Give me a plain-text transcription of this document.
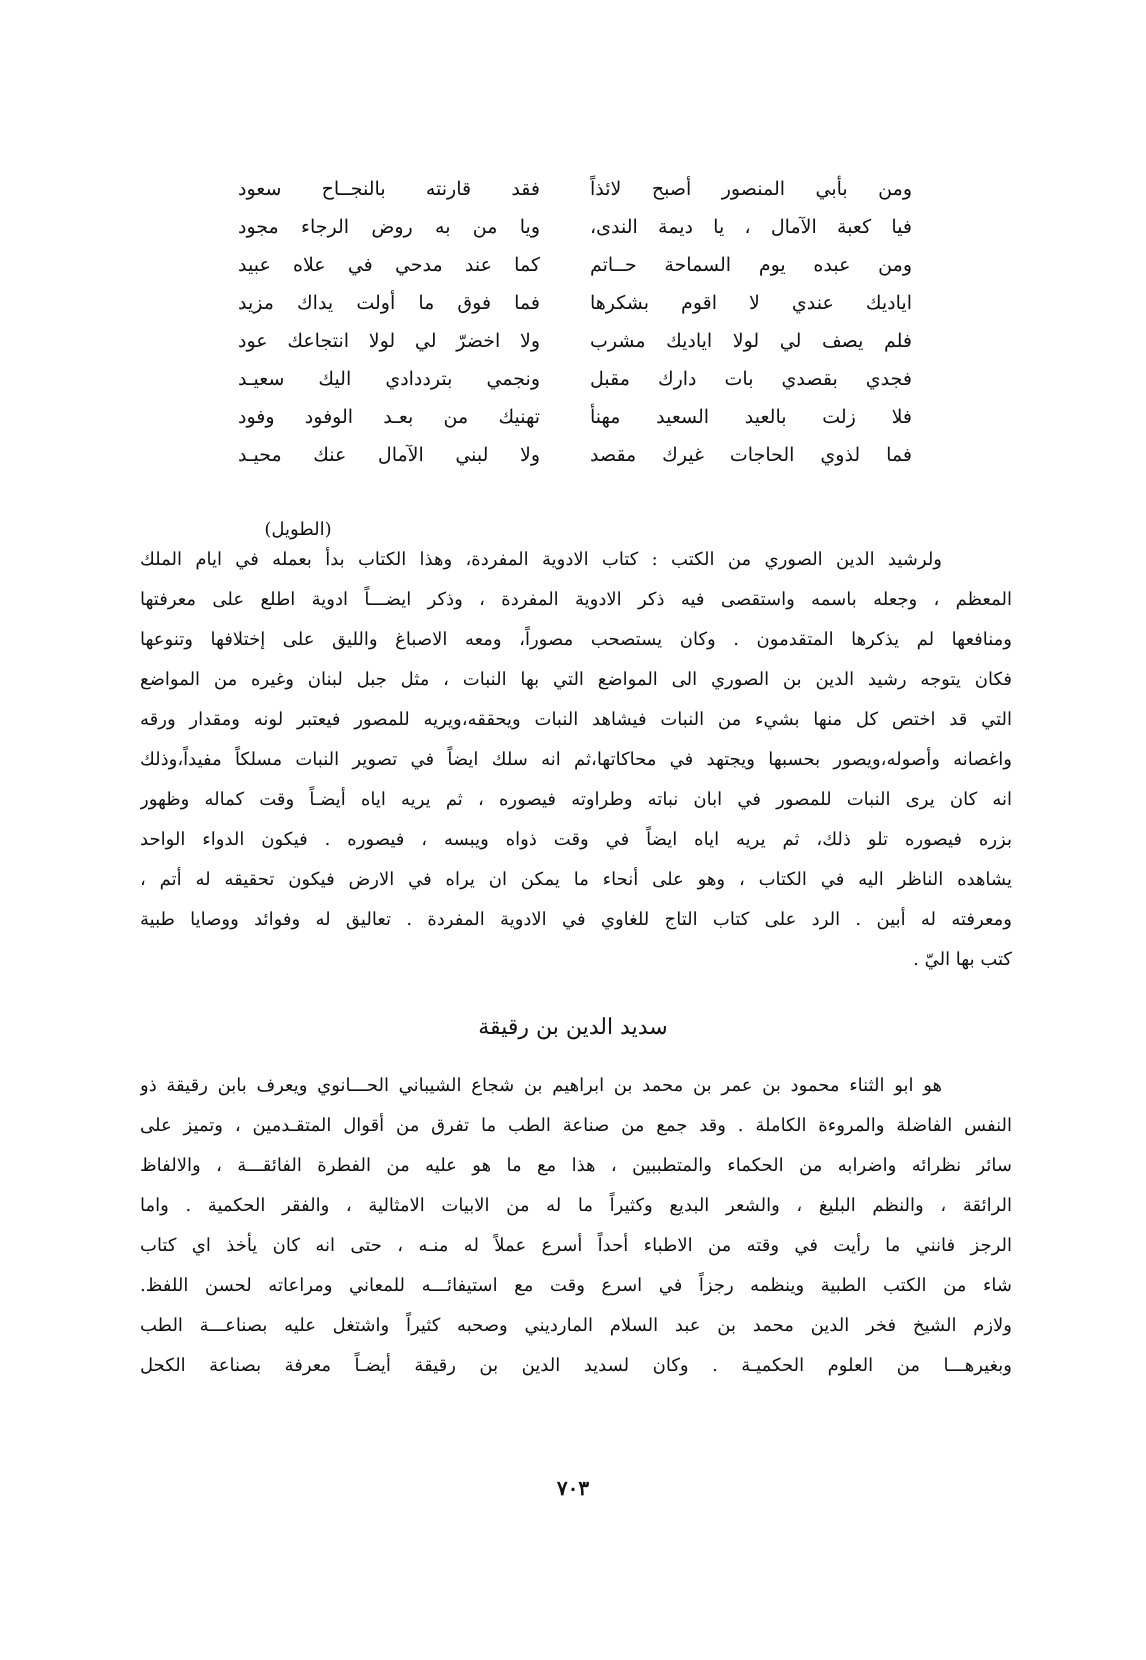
ومن بأبي المنصور أصبح لائذاً
فقد قارنته بالنجــاح سعود
فيا كعبة الآمال ، يا ديمة الندى،
ويا من به روض الرجاء مجود
ومن عبده يوم السماحة حــاتم
كما عند مدحي في علاه عبيد
اياديك عندي لا اقوم بشكرها
فما فوق ما أولت يداك مزيد
فلم يصف لي لولا اياديك مشرب
ولا اخضرّ لي لولا انتجاعك عود
فجدي بقصدي بات دارك مقبل
ونجمي بترددادي اليك سعيـد
فلا زلت بالعيد السعيد مهنأ
تهنيك من بعـد الوفود وفود
فما لذوي الحاجات غيرك مقصد
ولا لبني الآمال عنك محيـد
(الطويل)
ولرشيد الدين الصوري من الكتب : كتاب الادوية المفردة، وهذا الكتاب بدأ بعمله في ايام الملك
المعظم ، وجعله باسمه واستقصى فيه ذكر الادوية المفردة ، وذكر ايضـــاً ادوية اطلع على معرفتها
ومنافعها لم يذكرها المتقدمون . وكان يستصحب مصوراً، ومعه الاصباغ والليق على إختلافها وتنوعها
فكان يتوجه رشيد الدين بن الصوري الى المواضع التي بها النبات ، مثل جبل لبنان وغيره من المواضع
التي قد اختص كل منها بشيء من النبات فيشاهد النبات ويحققه،ويريه للمصور فيعتبر لونه ومقدار ورقه
واغصانه وأصوله،ويصور بحسبها ويجتهد في محاكاتها،ثم انه سلك ايضاً في تصوير النبات مسلكاً مفيداً،وذلك
انه كان يرى النبات للمصور في ابان نباته وطراوته فيصوره ، ثم يريه اياه أيضـاً وقت كماله وظهور
بزره فيصوره تلو ذلك، ثم يريه اياه ايضاً في وقت ذواه ويبسه ، فيصوره . فيكون الدواء الواحد
يشاهده الناظر اليه في الكتاب ، وهو على أنحاء ما يمكن ان يراه في الارض فيكون تحقيقه له أتم ،
ومعرفته له أبين . الرد على كتاب التاج للغاوي في الادوية المفردة . تعاليق له وفوائد ووصايا طبية
كتب بها اليّ .
سديد الدين بن رقيقة
هو ابو الثناء محمود بن عمر بن محمد بن ابراهيم بن شجاع الشيباني الحـــانوي ويعرف بابن رقيقة ذو
النفس الفاضلة والمروءة الكاملة . وقد جمع من صناعة الطب ما تفرق من أقوال المتقـدمين ، وتميز على
سائر نظرائه واضرابه من الحكماء والمتطببين ، هذا مع ما هو عليه من الفطرة الفائقـــة ، والالفاظ
الرائقة ، والنظم البليغ ، والشعر البديع وكثيراً ما له من الابيات الامثالية ، والفقر الحكمية . واما
الرجز فانني ما رأيت في وقته من الاطباء أحداً أسرع عملاً له منـه ، حتى انه كان يأخذ اي كتاب
شاء من الكتب الطبية وينظمه رجزاً في اسرع وقت مع استيفائـــه للمعاني ومراعاته لحسن اللفظ.
ولازم الشيخ فخر الدين محمد بن عبد السلام المارديني وصحبه كثيراً واشتغل عليه بصناعـــة الطب
وبغيرهـــا من العلوم الحكميـة . وكان لسديد الدين بن رقيقة أيضـاً معرفة بصناعة الكحل
٧٠٣
